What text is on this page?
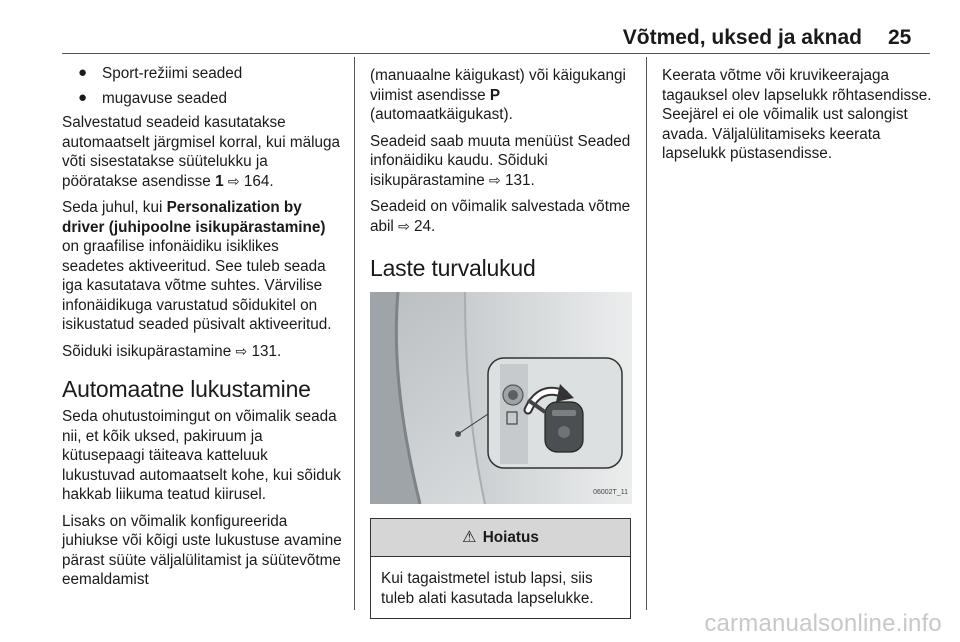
Võtmed, uksed ja aknad 25
● Sport-režiimi seaded
● mugavuse seaded

Salvestatud seadeid kasutatakse automaatselt järgmisel korral, kui mäluga võti sisestatakse süütelukku ja pööratakse asendisse 1 ⇨ 164.

Seda juhul, kui Personalization by driver (juhipoolne isikupärastamine) on graafilise infonäidiku isiklikes seadetes aktiveeritud. See tuleb seada iga kasutatava võtme suhtes. Värvilise infonäidikuga varustatud sõidukitel on isikustatud seaded püsivalt aktiveeritud.

Sõiduki isikupärastamine ⇨ 131.

Automaatne lukustamine

Seda ohutustoimingut on võimalik seada nii, et kõik uksed, pakiruum ja kütusepaagi täiteava katteluuk lukustuvad automaatselt kohe, kui sõiduk hakkab liikuma teatud kiirusel.

Lisaks on võimalik konfigureerida juhiukse või kõigi uste lukustuse avamine pärast süüte väljalülitamist ja süütevõtme eemaldamist

(manuaalne käigukast) või käigukangi viimist asendisse P (automaatkäigukast).

Seadeid saab muuta menüüst Seaded infonäidiku kaudu. Sõiduki isikupärastamine ⇨ 131.

Seadeid on võimalik salvestada võtme abil ⇨ 24.

Laste turvalukud
06002T_11
⚠ Hoiatus
Kui tagaistmetel istub lapsi, siis tuleb alati kasutada lapselukke.

Keerata võtme või kruvikeerajaga tagauksel olev lapselukk rõhtasendisse. Seejärel ei ole võimalik ust salongist avada. Väljalülitamiseks keerata lapselukk püstasendisse.

carmanualsonline.info
